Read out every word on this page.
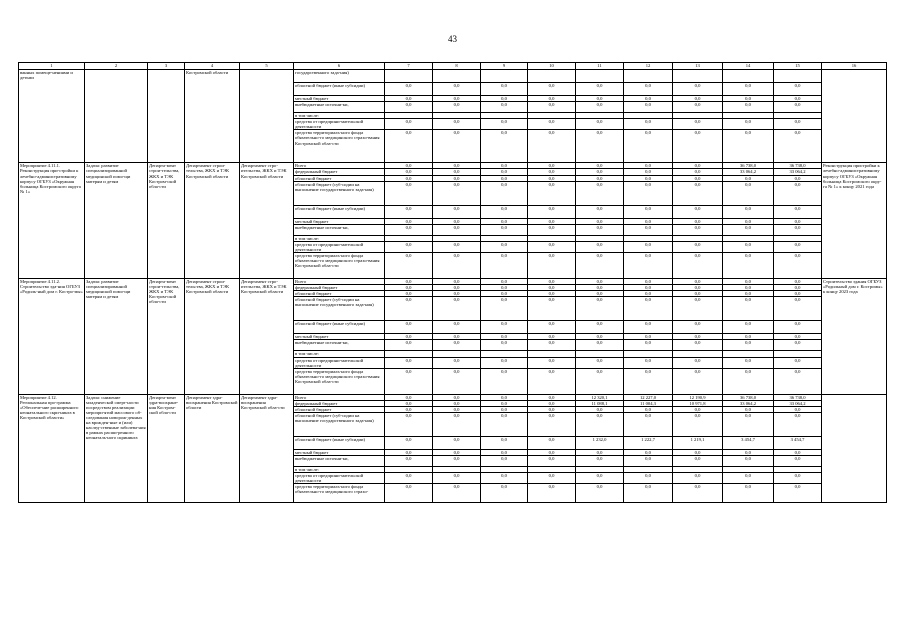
43
1	2	3	4	5	6	7	8	9	10	11	12	13	14	15	16
ванных помеще-нениями и детьми			Костромской области		государственного зада-ния)										
					областной бюджет (иные субсидии)	0,0	0,0	0,0	0,0	0,0	0,0	0,0	0,0	0,0	
					местный бюджет	0,0	0,0	0,0	0,0	0,0	0,0	0,0	0,0	0,0	
					внебюджетные источни-ки,	0,0	0,0	0,0	0,0	0,0	0,0	0,0	0,0	0,0	
					в том числе:										
					средства от предприни-мательской деятельности	0,0	0,0	0,0	0,0	0,0	0,0	0,0	0,0	0,0	
					средства территориаль-ного фонда обязательно-го медицинского страхо-вания Костромской обла-сти	0,0	0,0	0,0	0,0	0,0	0,0	0,0	0,0	0,0	
Мероприятие 4.11.1. Реконструкция при-стройки к лечебно-административному корпусу ОГБУЗ «Окружная больница Костромского округа № 1»	Задача: развитие специализированной медицинской помо-щи матерям и детям	Департа-мент строи-тельства, ЖКХ и ТЭК Костром-ской обла-сти	Департамент строи-тельства, ЖКХ и ТЭК Костромской области	Департамент стро-ительства, ЖКХ и ТЭК Костромской области	Всего	0,0	0,0	0,0	0,0	0,0	0,0	0,0	36 738,0	36 738,0	Реконструкция пристройки к лечебно-административному корпусу ОГБУЗ «Окружная больница Костромского окру-га № 1» к концу 2021 года
					федеральный бюджет	0,0	0,0	0,0	0,0	0,0	0,0	0,0	33 064,2	33 064,2	
					областной бюджет	0,0	0,0	0,0	0,0	0,0	0,0	0,0	0,0	0,0	
					областной бюджет (суб-сидии на выполнение государственного зада-ния)	0,0	0,0	0,0	0,0	0,0	0,0	0,0	0,0	0,0	
					областной бюджет (иные субсидии)	0,0	0,0	0,0	0,0	0,0	0,0	0,0	0,0	0,0	
					местный бюджет	0,0	0,0	0,0	0,0	0,0	0,0	0,0	0,0	0,0	
					внебюджетные источни-ки,	0,0	0,0	0,0	0,0	0,0	0,0	0,0	0,0	0,0	
					в том числе:										
					средства от предприни-мательской деятельности	0,0	0,0	0,0	0,0	0,0	0,0	0,0	0,0	0,0	
					средства территориаль-ного фонда обязательно-го медицинского страхо-вания Костромской обла-сти	0,0	0,0	0,0	0,0	0,0	0,0	0,0	0,0	0,0	
Мероприятие 4.11.2. Строительство зда-ния ОГБУЗ «Родиль-ный дом г. Костро-мы»	Задача: развитие специализированной медицинской помо-щи матерям и детям	Департа-мент строи-тельства, ЖКХ и ТЭК Костром-ской обла-сти	Департамент строи-тельства, ЖКХ и ТЭК Костромской области	Департамент стро-ительства, ЖКХ и ТЭК Костромской области	Всего	0,0	0,0	0,0	0,0	0,0	0,0	0,0	0,0	0,0	Строительство здания ОГБУЗ «Родильный дом г. Костромы» к концу 2023 года
					федеральный бюджет	0,0	0,0	0,0	0,0	0,0	0,0	0,0	0,0	0,0	
					областной бюджет	0,0	0,0	0,0	0,0	0,0	0,0	0,0	0,0	0,0	
					областной бюджет (суб-сидии на выполнение государственного зада-ния)	0,0	0,0	0,0	0,0	0,0	0,0	0,0	0,0	0,0	
					областной бюджет (иные субсидии)	0,0	0,0	0,0	0,0	0,0	0,0	0,0	0,0	0,0	
					местный бюджет	0,0	0,0	0,0	0,0	0,0	0,0	0,0	0,0	0,0	
					внебюджетные источни-ки,	0,0	0,0	0,0	0,0	0,0	0,0	0,0	0,0	0,0	
					в том числе:										
					средства от предприни-мательской деятельности	0,0	0,0	0,0	0,0	0,0	0,0	0,0	0,0	0,0	
					средства территориаль-ного фонда обязательно-го медицинского страхо-вания Костромской обла-сти	0,0	0,0	0,0	0,0	0,0	0,0	0,0	0,0	0,0	
Мероприятие 4.12. Региональная про-грамма «Обеспече-ние расширенного неонатального скри-нинга в Костромской области»	Задача: снижение младенческой смерт-ности посредством реализации меропри-ятий массового об-следования новорож-денных на врожден-ные и (или) наслед-ственные заболева-ния в рамках расши-ренного неонаталь-ного скрининга	Департа-мент здра-воохране-ния Костром-ской обла-сти	Департамент здра-воохранения Костромской области	Департамент здра-воохранения Костромской обла-сти	Всего	0,0	0,0	0,0	0,0	12 320,1	12 227,0	12 190,9	36 738,0	36 738,0	
					федеральный бюджет	0,0	0,0	0,0	0,0	11 088,1	11 004,3	10 971,8	33 064,2	33 064,2	
					областной бюджет	0,0	0,0	0,0	0,0	0,0	0,0	0,0	0,0	0,0	
					областной бюджет (суб-сидии на выполнение государственного зада-ния)	0,0	0,0	0,0	0,0	0,0	0,0	0,0	0,0	0,0	
					областной бюджет (иные субсидии)	0,0	0,0	0,0	0,0	1 232,0	1 222,7	1 219,1	3 454,7	3 454,7	
					местный бюджет	0,0	0,0	0,0	0,0	0,0	0,0	0,0	0,0	0,0	
					внебюджетные источни-ки,	0,0	0,0	0,0	0,0	0,0	0,0	0,0	0,0	0,0	
					в том числе:										
					средства от предприни-мательской деятельности	0,0	0,0	0,0	0,0	0,0	0,0	0,0	0,0	0,0	
					средства территориаль-ного фонда обязательно-го медицинского страхо-	0,0	0,0	0,0	0,0	0,0	0,0	0,0	0,0	0,0	
